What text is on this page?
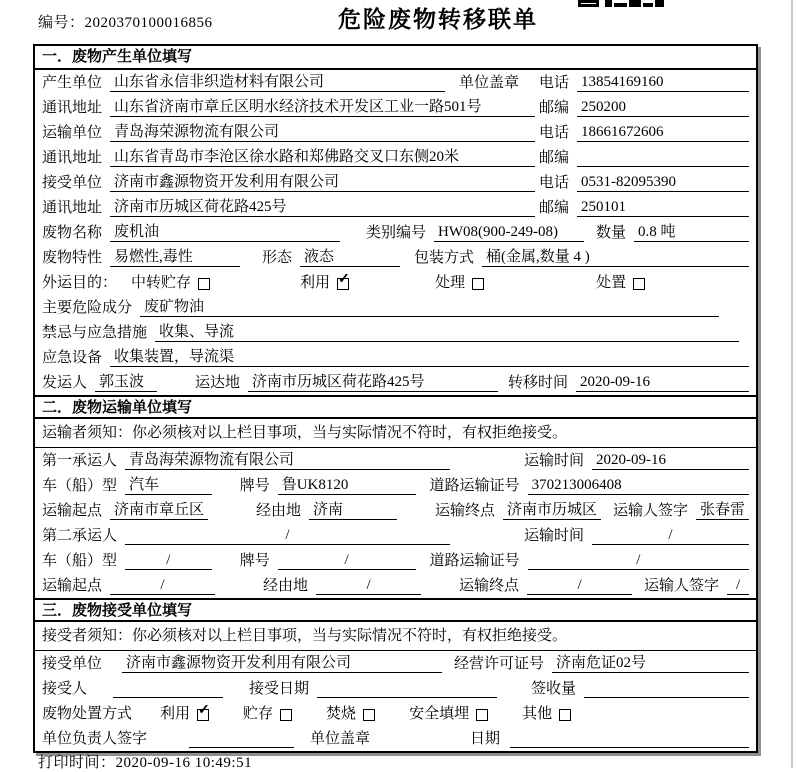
编号：2020370100016856	危险废物转移联单
一．废物产生单位填写
产生单位 山东省永信非织造材料有限公司	单位盖章 电话 13854169160
通讯地址 山东省济南市章丘区明水经济技术开发区工业一路501号	邮编 250200
运输单位 青岛海荣源物流有限公司	电话 18661672606
通讯地址 山东省青岛市李沧区徐水路和郑佛路交叉口东侧20米	邮编
接受单位 济南市鑫源物资开发利用有限公司	电话 0531-82095390
通讯地址 济南市历城区荷花路425号	邮编 250101
废物名称 废机油	类别编号 HW08(900-249-08)	数量 0.8 吨
废物特性 易燃性,毒性	形态 液态	包装方式 桶(金属,数量 4 )
外运目的： 中转贮存	利用 ✓	处理	处置
主要危险成分 废矿物油
禁忌与应急措施 收集、导流
应急设备 收集装置，导流渠
发运人 郭玉波	运达地 济南市历城区荷花路425号	转移时间 2020-09-16
二．废物运输单位填写
运输者须知：你必须核对以上栏目事项，当与实际情况不符时，有权拒绝接受。
第一承运人 青岛海荣源物流有限公司	运输时间 2020-09-16
车（船）型 汽车	牌号 鲁UK8120	道路运输证号 370213006408
运输起点 济南市章丘区	经由地 济南	运输终点 济南市历城区 运输人签字 张春雷
第二承运人	/	运输时间	/
车（船）型	/	牌号	/	道路运输证号	/
运输起点	/	经由地	/	运输终点	/	运输人签字	/
三．废物接受单位填写
接受者须知：你必须核对以上栏目事项，当与实际情况不符时，有权拒绝接受。
接受单位 济南市鑫源物资开发利用有限公司	经营许可证号 济南危证02号
接受人	接受日期	签收量
废物处置方式 利用 ✓ 贮存	焚烧	安全填埋	其他
单位负责人签字	单位盖章	日期
打印时间：2020-09-16 10:49:51
